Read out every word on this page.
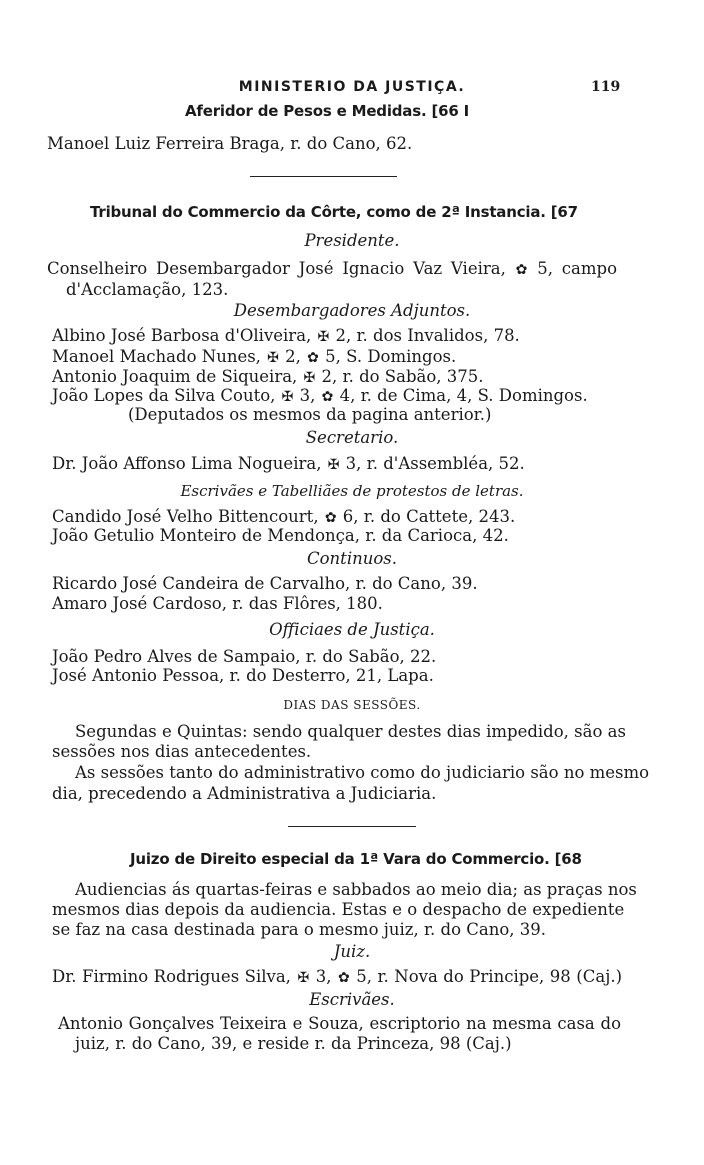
MINISTERIO DA JUSTIÇA.	119
Aferidor de Pesos e Medidas. [66 I
Manoel Luiz Ferreira Braga, r. do Cano, 62.
Tribunal do Commercio da Côrte, como de 2ª Instancia. [67
Presidente.
Conselheiro Desembargador José Ignacio Vaz Vieira, ✿ 5, campo
d'Acclamação, 123.
Desembargadores Adjuntos.
Albino José Barbosa d'Oliveira, ✠ 2, r. dos Invalidos, 78.
Manoel Machado Nunes, ✠ 2, ✿ 5, S. Domingos.
Antonio Joaquim de Siqueira, ✠ 2, r. do Sabão, 375.
João Lopes da Silva Couto, ✠ 3, ✿ 4, r. de Cima, 4, S. Domingos.
(Deputados os mesmos da pagina anterior.)
Secretario.
Dr. João Affonso Lima Nogueira, ✠ 3, r. d'Assembléa, 52.
Escrivães e Tabelliães de protestos de letras.
Candido José Velho Bittencourt, ✿ 6, r. do Cattete, 243.
João Getulio Monteiro de Mendonça, r. da Carioca, 42.
Continuos.
Ricardo José Candeira de Carvalho, r. do Cano, 39.
Amaro José Cardoso, r. das Flôres, 180.
Officiaes de Justiça.
João Pedro Alves de Sampaio, r. do Sabão, 22.
José Antonio Pessoa, r. do Desterro, 21, Lapa.
DIAS DAS SESSÕES.
Segundas e Quintas: sendo qualquer destes dias impedido, são as
sessões nos dias antecedentes.
As sessões tanto do administrativo como do judiciario são no mesmo
dia, precedendo a Administrativa a Judiciaria.
Juizo de Direito especial da 1ª Vara do Commercio. [68
Audiencias ás quartas-feiras e sabbados ao meio dia; as praças nos
mesmos dias depois da audiencia. Estas e o despacho de expediente
se faz na casa destinada para o mesmo juiz, r. do Cano, 39.
Juiz.
Dr. Firmino Rodrigues Silva, ✠ 3, ✿ 5, r. Nova do Principe, 98 (Caj.)
Escrivães.
Antonio Gonçalves Teixeira e Souza, escriptorio na mesma casa do
juiz, r. do Cano, 39, e reside r. da Princeza, 98 (Caj.)
